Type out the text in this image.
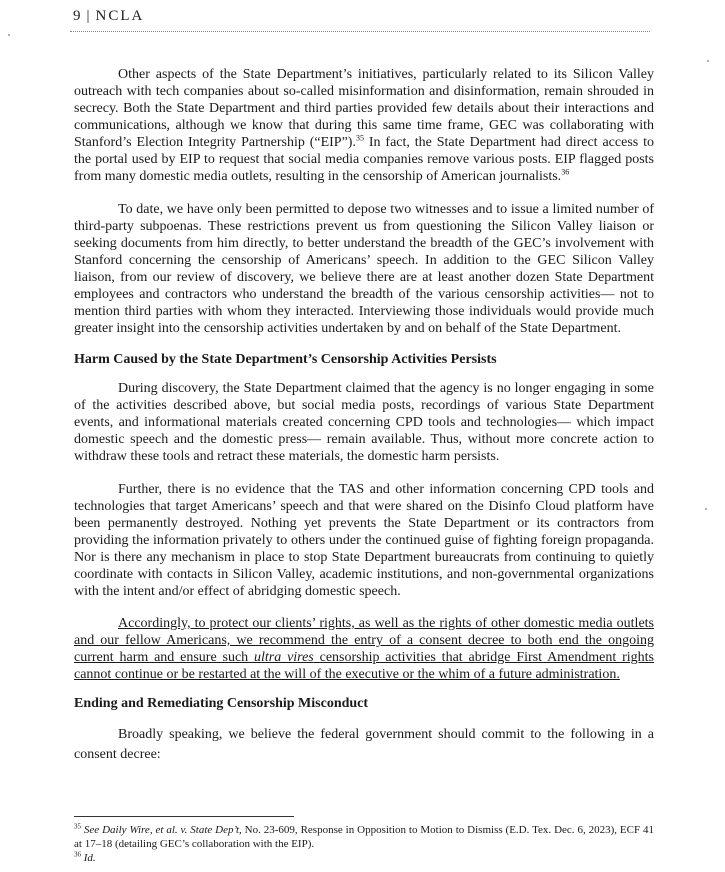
9 | NCLA

Other aspects of the State Department’s initiatives, particularly related to its Silicon Valley outreach with tech companies about so-called misinformation and disinformation, remain shrouded in secrecy. Both the State Department and third parties provided few details about their interactions and communications, although we know that during this same time frame, GEC was collaborating with Stanford’s Election Integrity Partnership (“EIP”).$^{35}$ In fact, the State Department had direct access to the portal used by EIP to request that social media companies remove various posts. EIP flagged posts from many domestic media outlets, resulting in the censorship of American journalists.$^{36}$

To date, we have only been permitted to depose two witnesses and to issue a limited number of third-party subpoenas. These restrictions prevent us from questioning the Silicon Valley liaison or seeking documents from him directly, to better understand the breadth of the GEC’s involvement with Stanford concerning the censorship of Americans’ speech. In addition to the GEC Silicon Valley liaison, from our review of discovery, we believe there are at least another dozen State Department employees and contractors who understand the breadth of the various censorship activities— not to mention third parties with whom they interacted. Interviewing those individuals would provide much greater insight into the censorship activities undertaken by and on behalf of the State Department.

Harm Caused by the State Department’s Censorship Activities Persists

During discovery, the State Department claimed that the agency is no longer engaging in some of the activities described above, but social media posts, recordings of various State Department events, and informational materials created concerning CPD tools and technologies— which impact domestic speech and the domestic press— remain available. Thus, without more concrete action to withdraw these tools and retract these materials, the domestic harm persists.

Further, there is no evidence that the TAS and other information concerning CPD tools and technologies that target Americans’ speech and that were shared on the Disinfo Cloud platform have been permanently destroyed. Nothing yet prevents the State Department or its contractors from providing the information privately to others under the continued guise of fighting foreign propaganda. Nor is there any mechanism in place to stop State Department bureaucrats from continuing to quietly coordinate with contacts in Silicon Valley, academic institutions, and non-governmental organizations with the intent and/or effect of abridging domestic speech.

Accordingly, to protect our clients’ rights, as well as the rights of other domestic media outlets and our fellow Americans, we recommend the entry of a consent decree to both end the ongoing current harm and ensure such ultra vires censorship activities that abridge First Amendment rights cannot continue or be restarted at the will of the executive or the whim of a future administration.

Ending and Remediating Censorship Misconduct

Broadly speaking, we believe the federal government should commit to the following in a consent decree:

$^{35}$ See Daily Wire, et al. v. State Dep’t, No. 23-609, Response in Opposition to Motion to Dismiss (E.D. Tex. Dec. 6, 2023), ECF 41 at 17–18 (detailing GEC’s collaboration with the EIP).
$^{36}$ Id.
